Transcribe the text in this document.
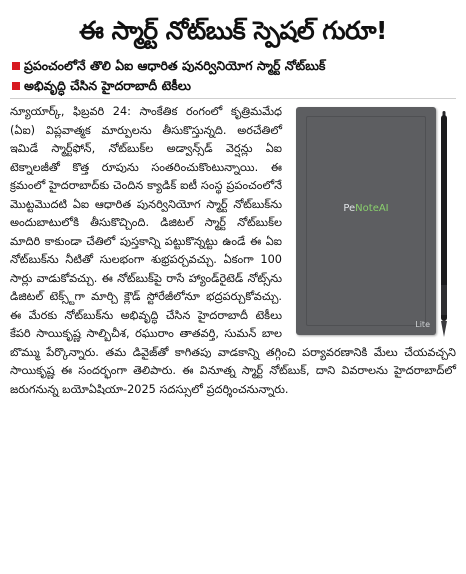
ఈ స్మార్ట్ నోట్‌బుక్ స్పెషల్ గురూ!
ప్రపంచంలోనే తొలి ఏఐ ఆధారిత పునర్వినియోగ స్మార్ట్ నోట్‌బుక్
అభివృద్ధి చేసిన హైదరాబాదీ టెకీలు
PeNoteAI
Lite
న్యూయార్క్, ఫిబ్రవరి 24: సాంకేతిక రంగంలో కృత్రిమమేధ (ఏఐ) విప్లవాత్మక మార్పులను తీసుకొస్తున్నది. అరచేతిలో ఇమిడే స్మార్ట్‌ఫోన్, నోట్‌బుక్‌ల అడ్వాన్స్‌డ్ వెర్షన్లు ఏఐ టెక్నాలజీతో కొత్త రూపును సంతరించుకొంటున్నాయి. ఈ క్రమంలో హైదరాబాద్‌కు చెందిన క్యాడిక్ ఐటీ సంస్థ ప్రపంచంలోనే మొట్టమొదటి ఏఐ ఆధారిత పునర్వినియోగ స్మార్ట్ నోట్‌బుక్‌ను అందుబాటులోకి తీసుకొచ్చింది. డిజిటల్ స్మార్ట్ నోట్‌బుక్‌ల మాదిరి కాకుండా చేతిలో పుస్తకాన్ని పట్టుకొన్నట్టు ఉండే ఈ ఏఐ నోట్‌బుక్‌ను నీటితో సులభంగా శుభ్రపర్చవచ్చు. ఏకంగా 100 సార్లు వాడుకోవచ్చు. ఈ నోట్‌బుక్‌పై రాసే హ్యాండ్‌రైటెడ్ నోట్స్‌ను డిజిటల్ టెక్స్ట్‌గా మార్చి క్లౌడ్ స్టోరేజీలోనూ భద్రపర్చుకోవచ్చు. ఈ మేరకు నోట్‌బుక్‌ను అభివృద్ధి చేసిన హైదరాబాదీ టెకీలు కేపరి సాయికృష్ణ సాల్బిచీశ, రఘురాం తాతవర్తి, సుమన్ బాల బొమ్ము పేర్కొన్నారు. తమ డివైజ్‌తో కాగితపు వాడకాన్ని తగ్గించి పర్యావరణానికి మేలు చేయవచ్చని సాయికృష్ణ ఈ సందర్భంగా తెలిపారు. ఈ వినూత్న స్మార్ట్ నోట్‌బుక్, దాని వివరాలను హైదరాబాద్‌లో జరుగనున్న బయోఏషియా-2025 సదస్సులో ప్రదర్శించనున్నారు.
